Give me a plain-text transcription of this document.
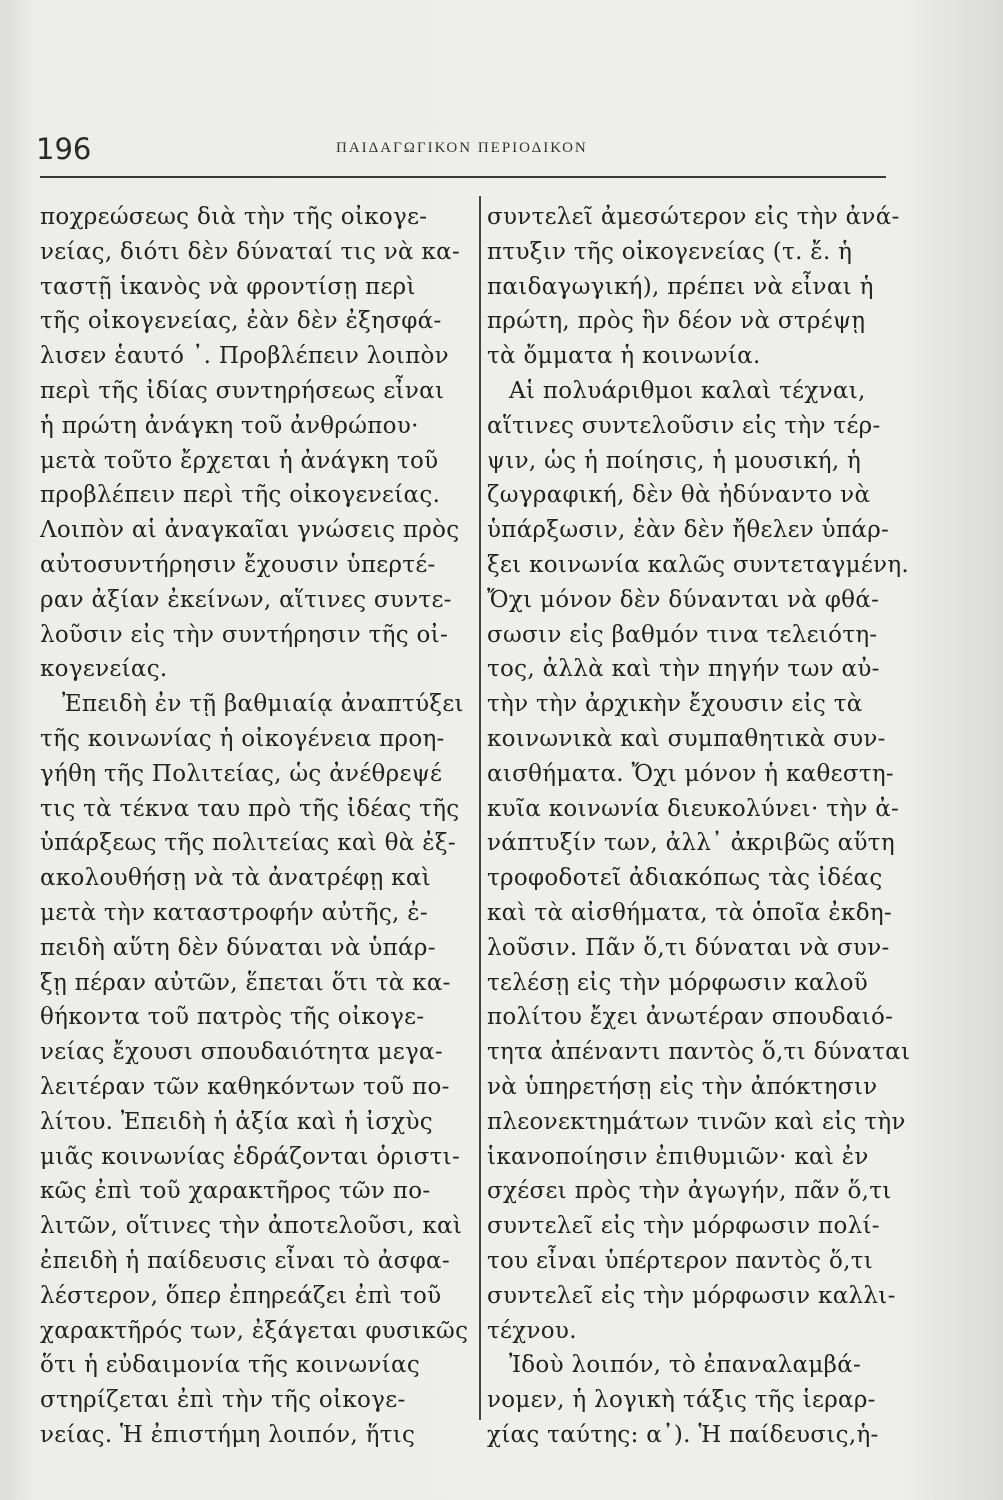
196	ΠΑΙΔΑΓΩΓΙΚΟΝ ΠΕΡΙΟΔΙΚΟΝ
ποχρεώσεως διὰ τὴν τῆς οἰκογε-
νείας, διότι δὲν δύναταί τις νὰ κα-
ταστῇ ἱκανὸς νὰ φροντίσῃ περὶ
τῆς οἰκογενείας, ἐὰν δὲν ἐξησφά-
λισεν ἑαυτό ᾿. Προβλέπειν λοιπὸν
περὶ τῆς ἰδίας συντηρήσεως εἶναι
ἡ πρώτη ἀνάγκη τοῦ ἀνθρώπου·
μετὰ τοῦτο ἔρχεται ἡ ἀνάγκη τοῦ
προβλέπειν περὶ τῆς οἰκογενείας.
Λοιπὸν αἱ ἀναγκαῖαι γνώσεις πρὸς
αὐτοσυντήρησιν ἔχουσιν ὑπερτέ-
ραν ἀξίαν ἐκείνων, αἵτινες συντε-
λοῦσιν εἰς τὴν συντήρησιν τῆς οἰ-
κογενείας.
Ἐπειδὴ ἐν τῇ βαθμιαίᾳ ἀναπτύξει
τῆς κοινωνίας ἡ οἰκογένεια προη-
γήθη τῆς Πολιτείας, ὡς ἀνέθρεψέ
τις τὰ τέκνα ταυ πρὸ τῆς ἰδέας τῆς
ὑπάρξεως τῆς πολιτείας καὶ θὰ ἐξ-
ακολουθήσῃ νὰ τὰ ἀνατρέφῃ καὶ
μετὰ τὴν καταστροφήν αὐτῆς, ἐ-
πειδὴ αὕτη δὲν δύναται νὰ ὑπάρ-
ξῃ πέραν αὐτῶν, ἕπεται ὅτι τὰ κα-
θήκοντα τοῦ πατρὸς τῆς οἰκογε-
νείας ἔχουσι σπουδαιότητα μεγα-
λειτέραν τῶν καθηκόντων τοῦ πο-
λίτου. Ἐπειδὴ ἡ ἀξία καὶ ἡ ἰσχὺς
μιᾶς κοινωνίας ἑδράζονται ὁριστι-
κῶς ἐπὶ τοῦ χαρακτῆρος τῶν πο-
λιτῶν, οἵτινες τὴν ἀποτελοῦσι, καὶ
ἐπειδὴ ἡ παίδευσις εἶναι τὸ ἀσφα-
λέστερον, ὅπερ ἐπηρεάζει ἐπὶ τοῦ
χαρακτῆρός των, ἐξάγεται φυσικῶς
ὅτι ἡ εὐδαιμονία τῆς κοινωνίας
στηρίζεται ἐπὶ τὴν τῆς οἰκογε-
νείας. Ἡ ἐπιστήμη λοιπόν, ἥτις
συντελεῖ ἀμεσώτερον εἰς τὴν ἀνά-
πτυξιν τῆς οἰκογενείας (τ. ἔ. ἡ
παιδαγωγική), πρέπει νὰ εἶναι ἡ
πρώτη, πρὸς ἣν δέον νὰ στρέψῃ
τὰ ὄμματα ἡ κοινωνία.
Αἱ πολυάριθμοι καλαὶ τέχναι,
αἵτινες συντελοῦσιν εἰς τὴν τέρ-
ψιν, ὡς ἡ ποίησις, ἡ μουσική, ἡ
ζωγραφική, δὲν θὰ ἠδύναντο νὰ
ὑπάρξωσιν, ἐὰν δὲν ἤθελεν ὑπάρ-
ξει κοινωνία καλῶς συντεταγμένη.
Ὄχι μόνον δὲν δύνανται νὰ φθά-
σωσιν εἰς βαθμόν τινα τελειότη-
τος, ἀλλὰ καὶ τὴν πηγήν των αὐ-
τὴν τὴν ἀρχικὴν ἔχουσιν εἰς τὰ
κοινωνικὰ καὶ συμπαθητικὰ συν-
αισθήματα. Ὄχι μόνον ἡ καθεστη-
κυῖα κοινωνία διευκολύνει· τὴν ἀ-
νάπτυξίν των, ἀλλ᾿ ἀκριβῶς αὕτη
τροφοδοτεῖ ἀδιακόπως τὰς ἰδέας
καὶ τὰ αἰσθήματα, τὰ ὁποῖα ἐκδη-
λοῦσιν. Πᾶν ὅ,τι δύναται νὰ συν-
τελέσῃ εἰς τὴν μόρφωσιν καλοῦ
πολίτου ἔχει ἀνωτέραν σπουδαιό-
τητα ἀπέναντι παντὸς ὅ,τι δύναται
νὰ ὑπηρετήσῃ εἰς τὴν ἀπόκτησιν
πλεονεκτημάτων τινῶν καὶ εἰς τὴν
ἱκανοποίησιν ἐπιθυμιῶν· καὶ ἐν
σχέσει πρὸς τὴν ἀγωγήν, πᾶν ὅ,τι
συντελεῖ εἰς τὴν μόρφωσιν πολί-
του εἶναι ὑπέρτερον παντὸς ὅ,τι
συντελεῖ εἰς τὴν μόρφωσιν καλλι-
τέχνου.
Ἰδοὺ λοιπόν, τὸ ἐπαναλαμβά-
νομεν, ἡ λογικὴ τάξις τῆς ἱεραρ-
χίας ταύτης: α᾿). Ἡ παίδευσις,ἡ-
